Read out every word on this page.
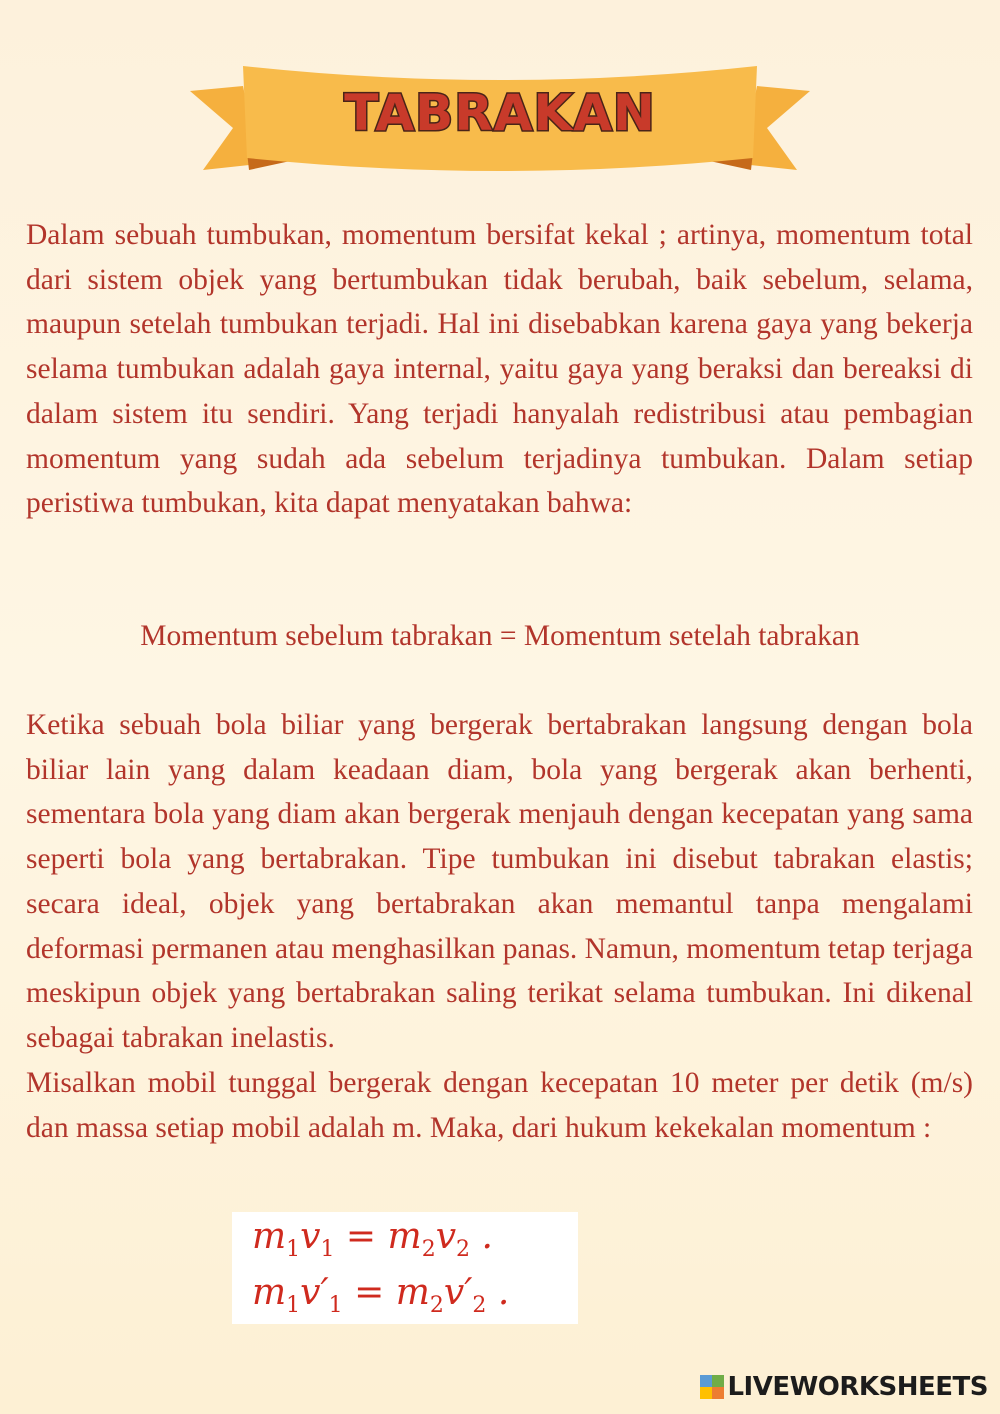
TABRAKAN

Dalam sebuah tumbukan, momentum bersifat kekal ; artinya, momentum total dari sistem objek yang bertumbukan tidak berubah, baik sebelum, selama, maupun setelah tumbukan terjadi. Hal ini disebabkan karena gaya yang bekerja selama tumbukan adalah gaya internal, yaitu gaya yang beraksi dan bereaksi di dalam sistem itu sendiri. Yang terjadi hanyalah redistribusi atau pembagian momentum yang sudah ada sebelum terjadinya tumbukan. Dalam setiap peristiwa tumbukan, kita dapat menyatakan bahwa:

Momentum sebelum tabrakan = Momentum setelah tabrakan

Ketika sebuah bola biliar yang bergerak bertabrakan langsung dengan bola biliar lain yang dalam keadaan diam, bola yang bergerak akan berhenti, sementara bola yang diam akan bergerak menjauh dengan kecepatan yang sama seperti bola yang bertabrakan. Tipe tumbukan ini disebut tabrakan elastis; secara ideal, objek yang bertabrakan akan memantul tanpa mengalami deformasi permanen atau menghasilkan panas. Namun, momentum tetap terjaga meskipun objek yang bertabrakan saling terikat selama tumbukan. Ini dikenal sebagai tabrakan inelastis.

Misalkan mobil tunggal bergerak dengan kecepatan 10 meter per detik (m/s) dan massa setiap mobil adalah m. Maka, dari hukum kekekalan momentum :

$m_1v_1 = m_2v_2$ .
$m_1v'_1 = m_2v'_2$ .
LIVEWORKSHEETS
